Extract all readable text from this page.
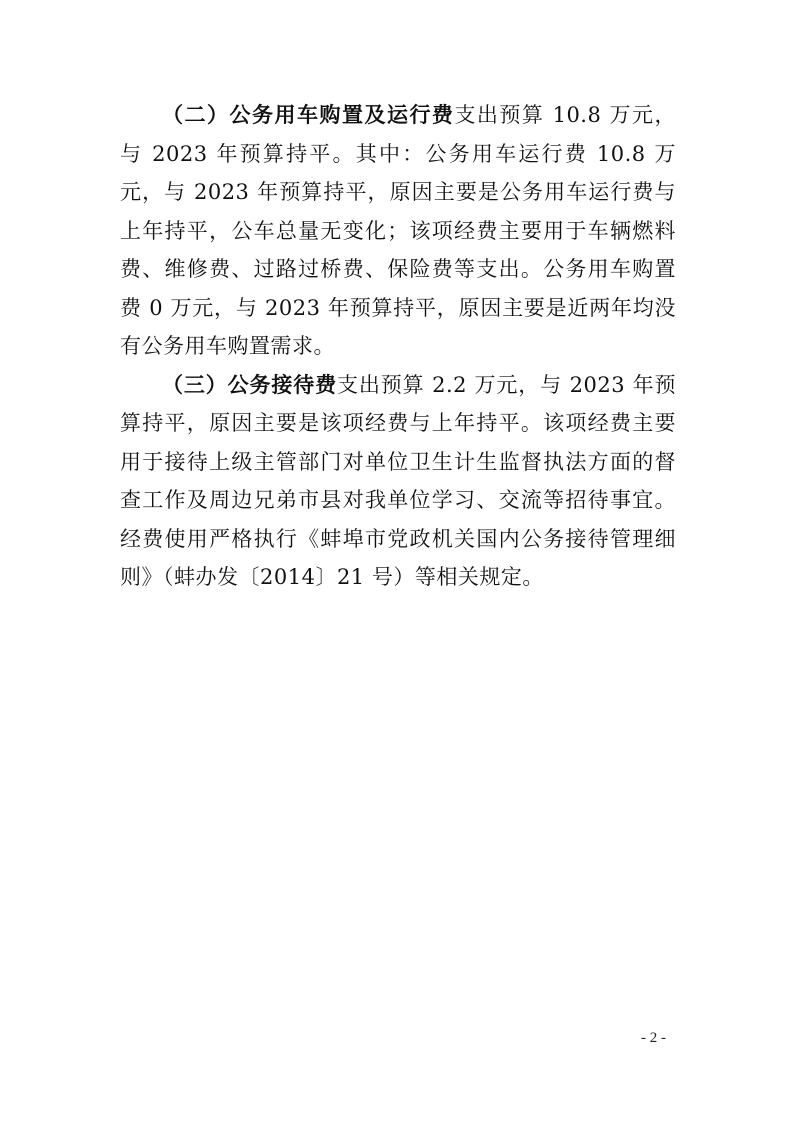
（二）公务用车购置及运行费支出预算 10.8 万元，与 2023 年预算持平。其中：公务用车运行费 10.8 万元，与 2023 年预算持平，原因主要是公务用车运行费与上年持平，公车总量无变化；该项经费主要用于车辆燃料费、维修费、过路过桥费、保险费等支出。公务用车购置费 0 万元，与 2023 年预算持平，原因主要是近两年均没有公务用车购置需求。

（三）公务接待费支出预算 2.2 万元，与 2023 年预算持平，原因主要是该项经费与上年持平。该项经费主要用于接待上级主管部门对单位卫生计生监督执法方面的督查工作及周边兄弟市县对我单位学习、交流等招待事宜。经费使用严格执行《蚌埠市党政机关国内公务接待管理细则》（蚌办发〔2014〕21 号）等相关规定。

- 2 -
